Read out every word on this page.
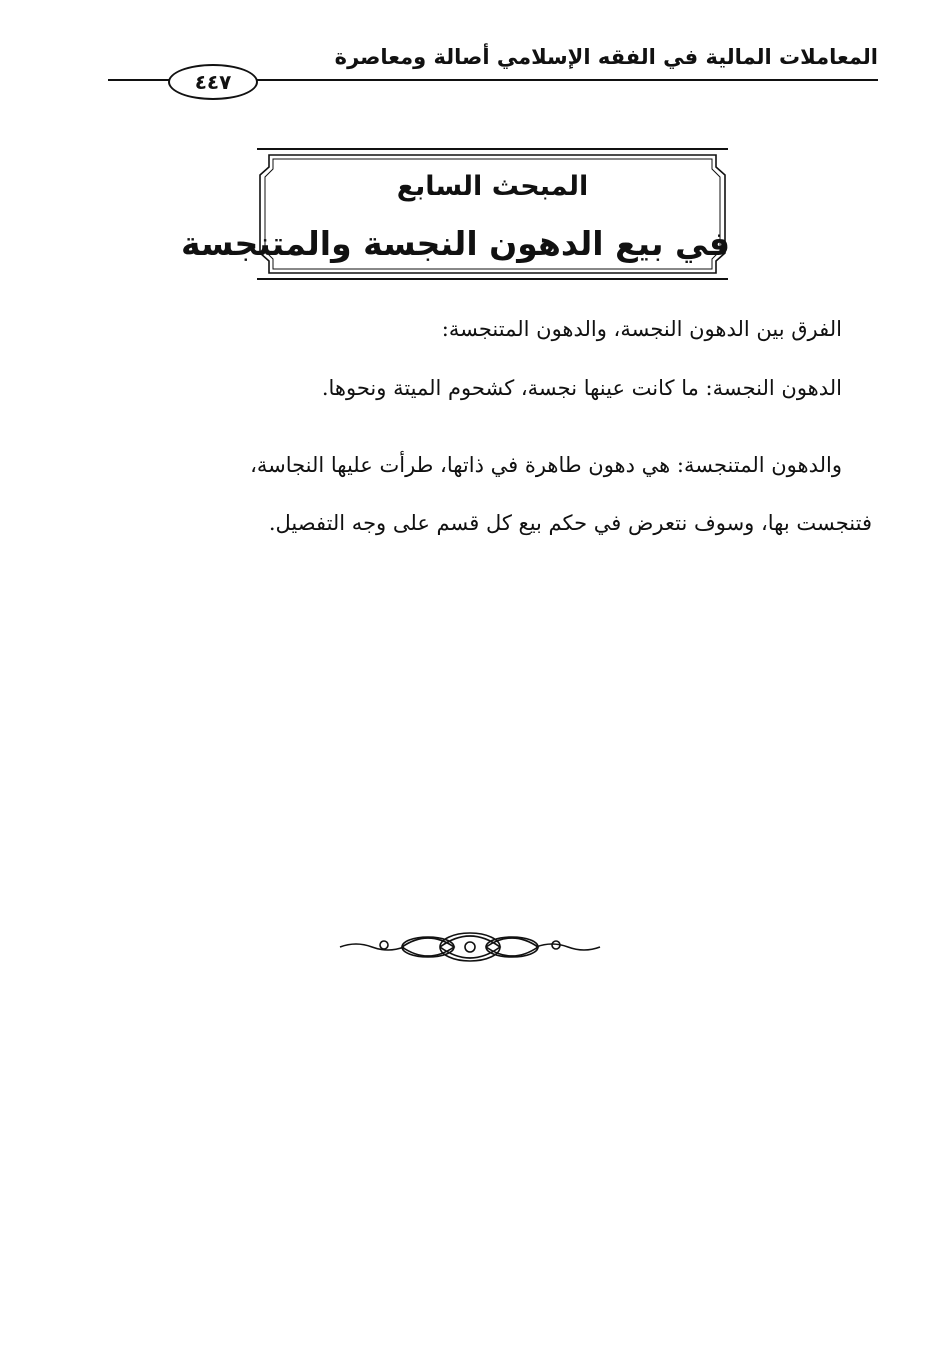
المعاملات المالية في الفقه الإسلامي أصالة ومعاصرة
٤٤٧
المبحث السابع
في بيع الدهون النجسة والمتنجسة
الفرق بين الدهون النجسة، والدهون المتنجسة:
الدهون النجسة: ما كانت عينها نجسة، كشحوم الميتة ونحوها.
والدهون المتنجسة: هي دهون طاهرة في ذاتها، طرأت عليها النجاسة،
فتنجست بها، وسوف نتعرض في حكم بيع كل قسم على وجه التفصيل.
